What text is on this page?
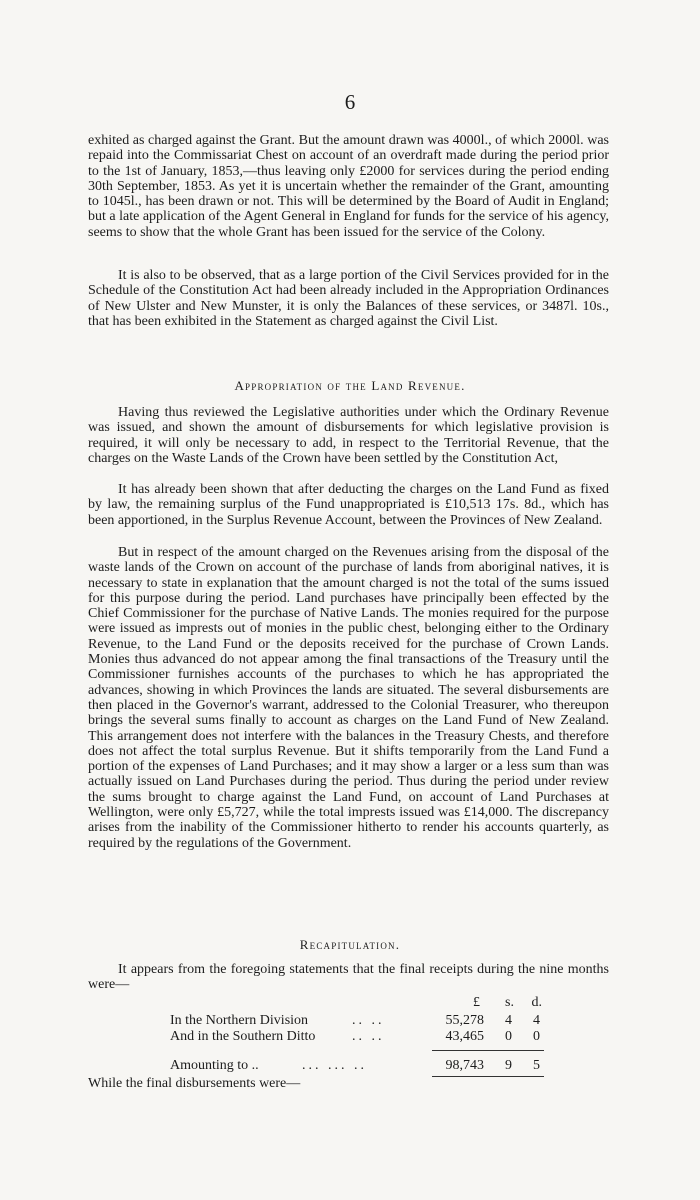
6

exhited as charged against the Grant. But the amount drawn was 4000l., of which 2000l. was repaid into the Commissariat Chest on account of an overdraft made during the period prior to the 1st of January, 1853,—thus leaving only £2000 for services during the period ending 30th September, 1853. As yet it is uncertain whether the remainder of the Grant, amounting to 1045l., has been drawn or not. This will be determined by the Board of Audit in England; but a late application of the Agent General in England for funds for the service of his agency, seems to show that the whole Grant has been issued for the service of the Colony.

It is also to be observed, that as a large portion of the Civil Services provided for in the Schedule of the Constitution Act had been already included in the Appropriation Ordinances of New Ulster and New Munster, it is only the Balances of these services, or 3487l. 10s., that has been exhibited in the Statement as charged against the Civil List.

Appropriation of the Land Revenue.

Having thus reviewed the Legislative authorities under which the Ordinary Revenue was issued, and shown the amount of disbursements for which legislative provision is required, it will only be necessary to add, in respect to the Territorial Revenue, that the charges on the Waste Lands of the Crown have been settled by the Constitution Act,

It has already been shown that after deducting the charges on the Land Fund as fixed by law, the remaining surplus of the Fund unappropriated is £10,513 17s. 8d., which has been apportioned, in the Surplus Revenue Account, between the Provinces of New Zealand.

But in respect of the amount charged on the Revenues arising from the disposal of the waste lands of the Crown on account of the purchase of lands from aboriginal natives, it is necessary to state in explanation that the amount charged is not the total of the sums issued for this purpose during the period. Land purchases have principally been effected by the Chief Commissioner for the purchase of Native Lands. The monies required for the purpose were issued as imprests out of monies in the public chest, belonging either to the Ordinary Revenue, to the Land Fund or the deposits received for the purchase of Crown Lands. Monies thus advanced do not appear among the final transactions of the Treasury until the Commissioner furnishes accounts of the purchases to which he has appropriated the advances, showing in which Provinces the lands are situated. The several disbursements are then placed in the Governor's warrant, addressed to the Colonial Treasurer, who thereupon brings the several sums finally to account as charges on the Land Fund of New Zealand. This arrangement does not interfere with the balances in the Treasury Chests, and therefore does not affect the total surplus Revenue. But it shifts temporarily from the Land Fund a portion of the expenses of Land Purchases; and it may show a larger or a less sum than was actually issued on Land Purchases during the period. Thus during the period under review the sums brought to charge against the Land Fund, on account of Land Purchases at Wellington, were only £5,727, while the total imprests issued was £14,000. The discrepancy arises from the inability of the Commissioner hitherto to render his accounts quarterly, as required by the regulations of the Government.

Recapitulation.

It appears from the foregoing statements that the final receipts during the nine months were—

£	s.	d.
In the Northern Division	.. ..	55,278	4	4
And in the Southern Ditto	.. ..	43,465	0	0
Amounting to ..	... ... ..	98,743	9	5
While the final disbursements were—
